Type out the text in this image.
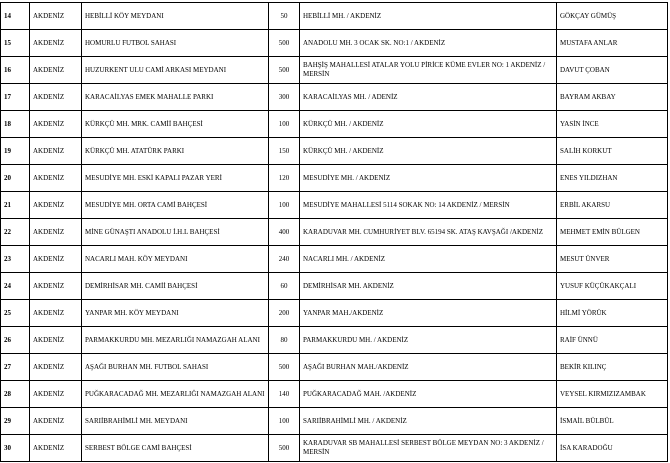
14	AKDENİZ	HEBİLLİ KÖY MEYDANI	50	HEBİLLİ MH. / AKDENİZ	GÖKÇAY GÜMÜŞ
15	AKDENİZ	HOMURLU FUTBOL SAHASI	500	ANADOLU MH. 3 OCAK SK. NO:1 / AKDENİZ	MUSTAFA ANLAR
16	AKDENİZ	HUZURKENT ULU CAMİ ARKASI MEYDANI	500	BAHŞİŞ MAHALLESİ ATALAR YOLU PİRİCE KÜME EVLER NO: 1 AKDENİZ / MERSİN	DAVUT ÇOBAN
17	AKDENİZ	KARACAİLYAS EMEK MAHALLE PARKI	300	KARACAİLYAS MH. / ADENİZ	BAYRAM AKBAY
18	AKDENİZ	KÜRKÇÜ MH. MRK. CAMİİ BAHÇESİ	100	KÜRKÇÜ MH. / AKDENİZ	YASİN İNCE
19	AKDENİZ	KÜRKÇÜ MH. ATATÜRK PARKI	150	KÜRKÇÜ MH. / AKDENİZ	SALİH KORKUT
20	AKDENİZ	MESUDİYE MH. ESKİ KAPALI PAZAR YERİ	120	MESUDİYE MH. / AKDENİZ	ENES YILDIZHAN
21	AKDENİZ	MESUDİYE MH. ORTA CAMİ BAHÇESİ	100	MESUDİYE MAHALLESİ 5114 SOKAK NO: 14 AKDENİZ / MERSİN	ERBİL AKARSU
22	AKDENİZ	MİNE GÜNAŞTI ANADOLU İ.H.L BAHÇESİ	400	KARADUVAR MH. CUMHURİYET BLV. 65194 SK. ATAŞ KAVŞAĞI /AKDENİZ	MEHMET EMİN BÜLGEN
23	AKDENİZ	NACARLI MAH. KÖY MEYDANI	240	NACARLI MH. / AKDENİZ	MESUT ÜNVER
24	AKDENİZ	DEMİRHİSAR MH. CAMİİ BAHÇESİ	60	DEMİRHİSAR MH. AKDENİZ	YUSUF KÜÇÜKAKÇALI
25	AKDENİZ	YANPAR MH. KÖY MEYDANI	200	YANPAR MAH./AKDENİZ	HİLMİ YÖRÜK
26	AKDENİZ	PARMAKKURDU MH. MEZARLIĞI NAMAZGAH ALANI	80	PARMAKKURDU MH. / AKDENİZ	RAİF ÜNNÜ
27	AKDENİZ	AŞAĞI BURHAN MH. FUTBOL SAHASI	500	AŞAĞI BURHAN MAH./AKDENİZ	BEKİR KILINÇ
28	AKDENİZ	PUĞKARACADAĞ MH. MEZARLIĞI NAMAZGAH ALANI	140	PUĞKARACADAĞ MAH. /AKDENİZ	VEYSEL KIRMIZIZAMBAK
29	AKDENİZ	SARIİBRAHİMLİ MH. MEYDANI	100	SARIİBRAHİMLİ MH. / AKDENİZ	İSMAİL BÜLBÜL
30	AKDENİZ	SERBEST BÖLGE CAMİ BAHÇESİ	500	KARADUVAR SB MAHALLESİ SERBEST BÖLGE MEYDAN NO: 3 AKDENİZ / MERSİN	İSA KARADOĞU
